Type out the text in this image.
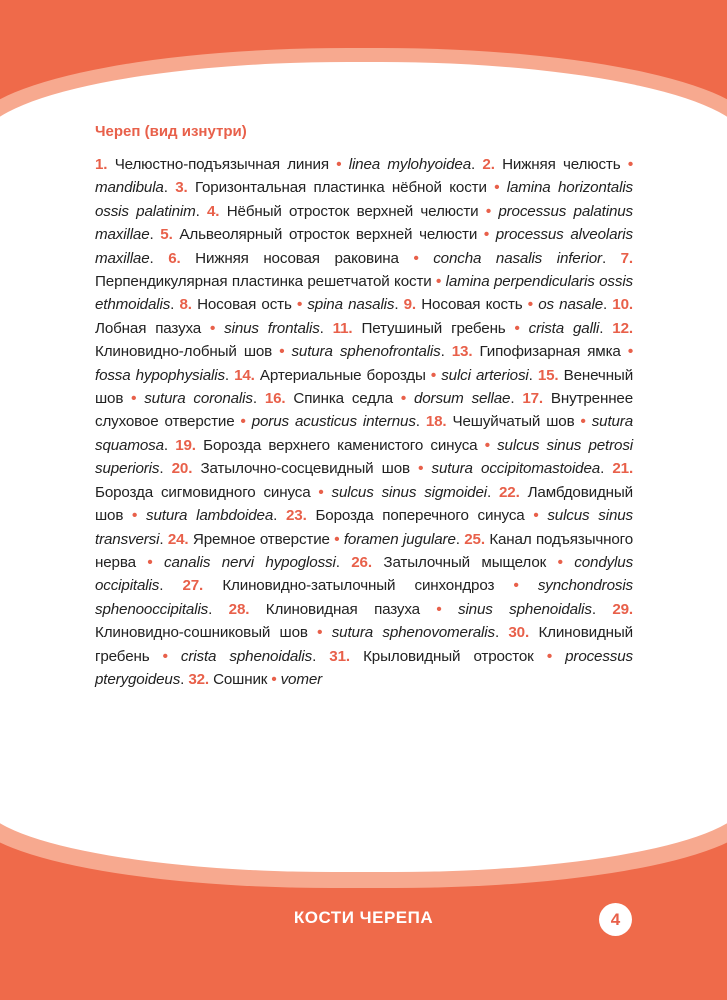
Череп (вид изнутри)

1. Челюстно-подъязычная линия • linea mylohyoidea. 2. Нижняя челюсть • mandibula. 3. Горизонтальная пластинка нёбной кости • lamina horizontalis ossis palatinim. 4. Нёбный отросток верхней челюсти • processus palatinus maxillae. 5. Альвеолярный отросток верхней челюсти • processus alveolaris maxillae. 6. Нижняя носовая раковина • concha nasalis inferior. 7. Перпендикулярная пластинка решетчатой кости • lamina perpendicularis ossis ethmoidalis. 8. Носовая ость • spina nasalis. 9. Носовая кость • os nasale. 10. Лобная пазуха • sinus frontalis. 11. Петушиный гребень • crista galli. 12. Клиновидно-лобный шов • sutura sphenofrontalis. 13. Гипофизарная ямка • fossa hypophysialis. 14. Артериальные борозды • sulci arteriosi. 15. Венечный шов • sutura coronalis. 16. Спинка седла • dorsum sellae. 17. Внутреннее слуховое отверстие • porus acusticus internus. 18. Чешуйчатый шов • sutura squamosa. 19. Борозда верхнего каменистого синуса • sulcus sinus petrosi superioris. 20. Затылочно-сосцевидный шов • sutura occipitomastoidea. 21. Борозда сигмовидного синуса • sulcus sinus sigmoidei. 22. Ламбдовидный шов • sutura lambdoidea. 23. Борозда поперечного синуса • sulcus sinus transversi. 24. Яремное отверстие • foramen jugulare. 25. Канал подъязычного нерва • canalis nervi hypoglossi. 26. Затылочный мыщелок • condylus occipitalis. 27. Клиновидно-затылочный синхондроз • synchondrosis sphenooccipitalis. 28. Клиновидная пазуха • sinus sphenoidalis. 29. Клиновидно-сошниковый шов • sutura sphenovomeralis. 30. Клиновидный гребень • crista sphenoidalis. 31. Крыловидный отросток • processus pterygoideus. 32. Сошник • vomer

КОСТИ ЧЕРЕПА	4
